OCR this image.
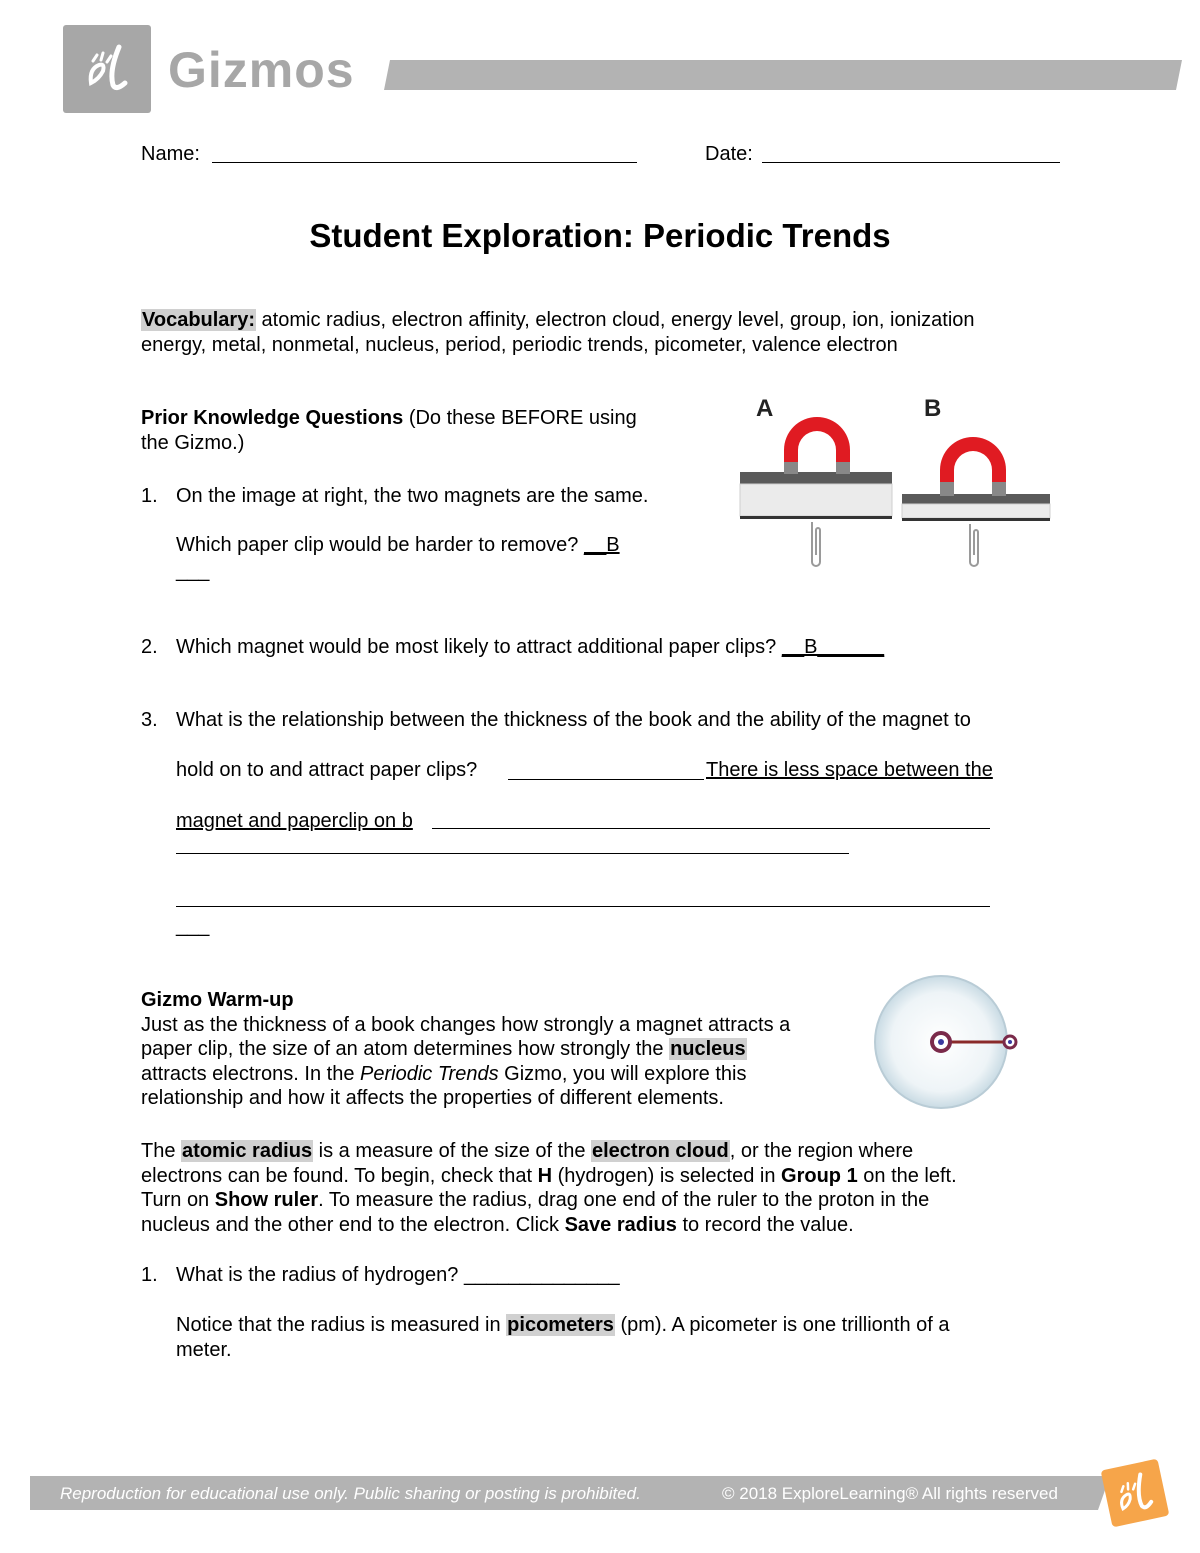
Gizmos
Name:	Date:
Student Exploration: Periodic Trends
Vocabulary: atomic radius, electron affinity, electron cloud, energy level, group, ion, ionization
energy, metal, nonmetal, nucleus, period, periodic trends, picometer, valence electron
Prior Knowledge Questions (Do these BEFORE using
the Gizmo.)
1. On the image at right, the two magnets are the same.
Which paper clip would be harder to remove? __B
___
A	B
2. Which magnet would be most likely to attract additional paper clips? __B______
3. What is the relationship between the thickness of the book and the ability of the magnet to
hold on to and attract paper clips?	There is less space between the
magnet and paperclip on b
___
Gizmo Warm-up
Just as the thickness of a book changes how strongly a magnet attracts a
paper clip, the size of an atom determines how strongly the nucleus
attracts electrons. In the Periodic Trends Gizmo, you will explore this
relationship and how it affects the properties of different elements.
The atomic radius is a measure of the size of the electron cloud, or the region where
electrons can be found. To begin, check that H (hydrogen) is selected in Group 1 on the left.
Turn on Show ruler. To measure the radius, drag one end of the ruler to the proton in the
nucleus and the other end to the electron. Click Save radius to record the value.
1. What is the radius of hydrogen? ______________
Notice that the radius is measured in picometers (pm). A picometer is one trillionth of a
meter.
Reproduction for educational use only. Public sharing or posting is prohibited.	© 2018 ExploreLearning® All rights reserved
